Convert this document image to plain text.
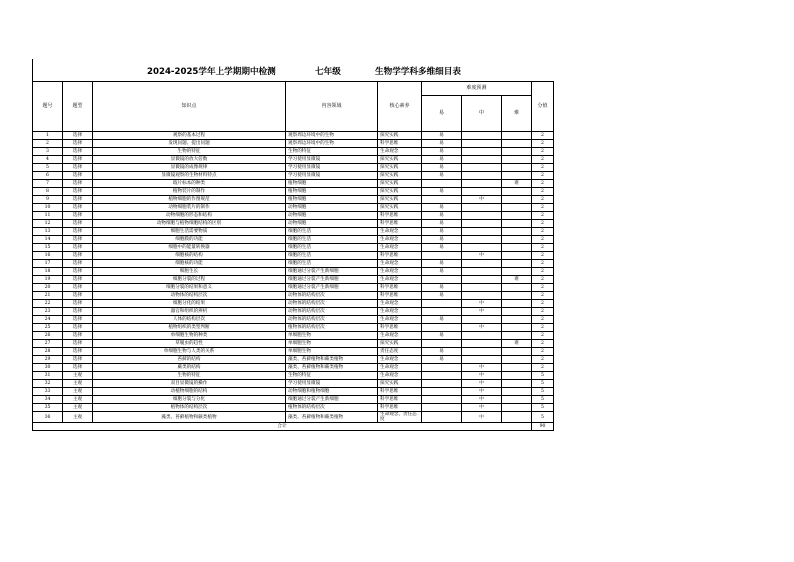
2024-2025学年上学期期中检测	七年级	生物学学科多维细目表
题号	题型	知识点	内容领域	核心素养	难度预测			分值
					易	中	难	
1	选择	观察的基本过程	观察周边环境中的生物	探究实践	易			2
2	选择	发现问题、提出问题	观察周边环境中的生物	科学思维	易			2
3	选择	生物的特征	生物的特征	生命观念	易			2
4	选择	显微镜的放大倍数	学习使用显微镜	探究实践	易			2
5	选择	显微镜的成像规律	学习使用显微镜	探究实践	易			2
6	选择	显微镜观察的生物材料特点	学习使用显微镜	探究实践	易			2
7	选择	玻片标本的种类	植物细胞	探究实践			难	2
8	选择	植物装片的制作	植物细胞	探究实践	易			2
9	选择	植物细胞的作图规范	植物细胞	探究实践		中		2
10	选择	动物细胞装片的制作	动物细胞	探究实践	易			2
11	选择	动物细胞的形态和结构	动物细胞	科学思维	易			2
12	选择	动物细胞与植物细胞结构的区别	动物细胞	科学思维	易			2
13	选择	细胞生活需要物质	细胞的生活	生命观念	易			2
14	选择	细胞膜的功能	细胞的生活	生命观念	易			2
15	选择	细胞中的能量转换器	细胞的生活	生命观念	易			2
16	选择	细胞核的结构	细胞的生活	科学思维		中		2
17	选择	细胞核的功能	细胞的生活	生命观念	易			2
18	选择	细胞生长	细胞通过分裂产生新细胞	生命观念	易			2
19	选择	细胞分裂的过程	细胞通过分裂产生新细胞	生命观念			难	2
20	选择	细胞分裂的结果和意义	细胞通过分裂产生新细胞	科学思维	易			2
21	选择	动物体的结构层次	动物体的结构层次	科学思维	易			2
22	选择	细胞分化的结果	动物体的结构层次	生命观念		中		2
23	选择	器官和组织的辨析	动物体的结构层次	生命观念		中		2
24	选择	人体的结构层次	动物体的结构层次	生命观念	易			2
25	选择	植物组织的类型判断	植物体的结构层次	科学思维		中		2
26	选择	单细胞生物的种类	单细胞生物	生命观念	易			2
27	选择	草履虫的趋性	单细胞生物	探究实践			难	2
28	选择	单细胞生物与人类的关系	单细胞生物	责任态度	易			2
29	选择	苔藓的结构	藻类、苔藓植物和蕨类植物	生命观念	易			2
30	选择	蕨类的结构	藻类、苔藓植物和蕨类植物	生命观念		中		2
31	主观	生物的特征	生物的特征	生命观念		中		5
32	主观	双目显微镜的操作	学习使用显微镜	探究实践		中		5
33	主观	动植物细胞的结构	动物细胞和植物细胞	科学思维		中		5
34	主观	细胞分裂与分化	细胞通过分裂产生新细胞	科学思维		中		5
35	主观	植物体的结构层次	植物体的结构层次	科学思维		中		5
36	主观	藻类、苔藓植物和蕨类植物	藻类、苔藓植物和蕨类植物	生命观念、责任态度		中		5
合计								90
